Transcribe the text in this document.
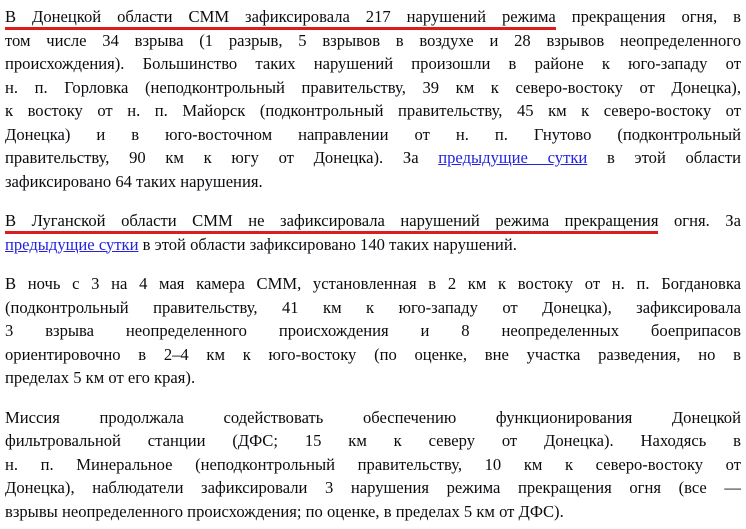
В Донецкой области СММ зафиксировала 217 нарушений режима прекращения огня, в
том числе 34 взрыва (1 разрыв, 5 взрывов в воздухе и 28 взрывов неопределенного
происхождения). Большинство таких нарушений произошли в районе к юго-западу от
н. п. Горловка (неподконтрольный правительству, 39 км к северо-востоку от Донецка),
к востоку от н. п. Майорск (подконтрольный правительству, 45 км к северо-востоку от
Донецка) и в юго-восточном направлении от н. п. Гнутово (подконтрольный
правительству, 90 км к югу от Донецка). За предыдущие сутки в этой области
зафиксировано 64 таких нарушения.

В Луганской области СММ не зафиксировала нарушений режима прекращения огня. За
предыдущие сутки в этой области зафиксировано 140 таких нарушений.

В ночь с 3 на 4 мая камера СММ, установленная в 2 км к востоку от н. п. Богдановка
(подконтрольный правительству, 41 км к юго-западу от Донецка), зафиксировала
3 взрыва неопределенного происхождения и 8 неопределенных боеприпасов
ориентировочно в 2–4 км к юго-востоку (по оценке, вне участка разведения, но в
пределах 5 км от его края).

Миссия продолжала содействовать обеспечению функционирования Донецкой
фильтровальной станции (ДФС; 15 км к северу от Донецка). Находясь в
н. п. Минеральное (неподконтрольный правительству, 10 км к северо-востоку от
Донецка), наблюдатели зафиксировали 3 нарушения режима прекращения огня (все —
взрывы неопределенного происхождения; по оценке, в пределах 5 км от ДФС).
